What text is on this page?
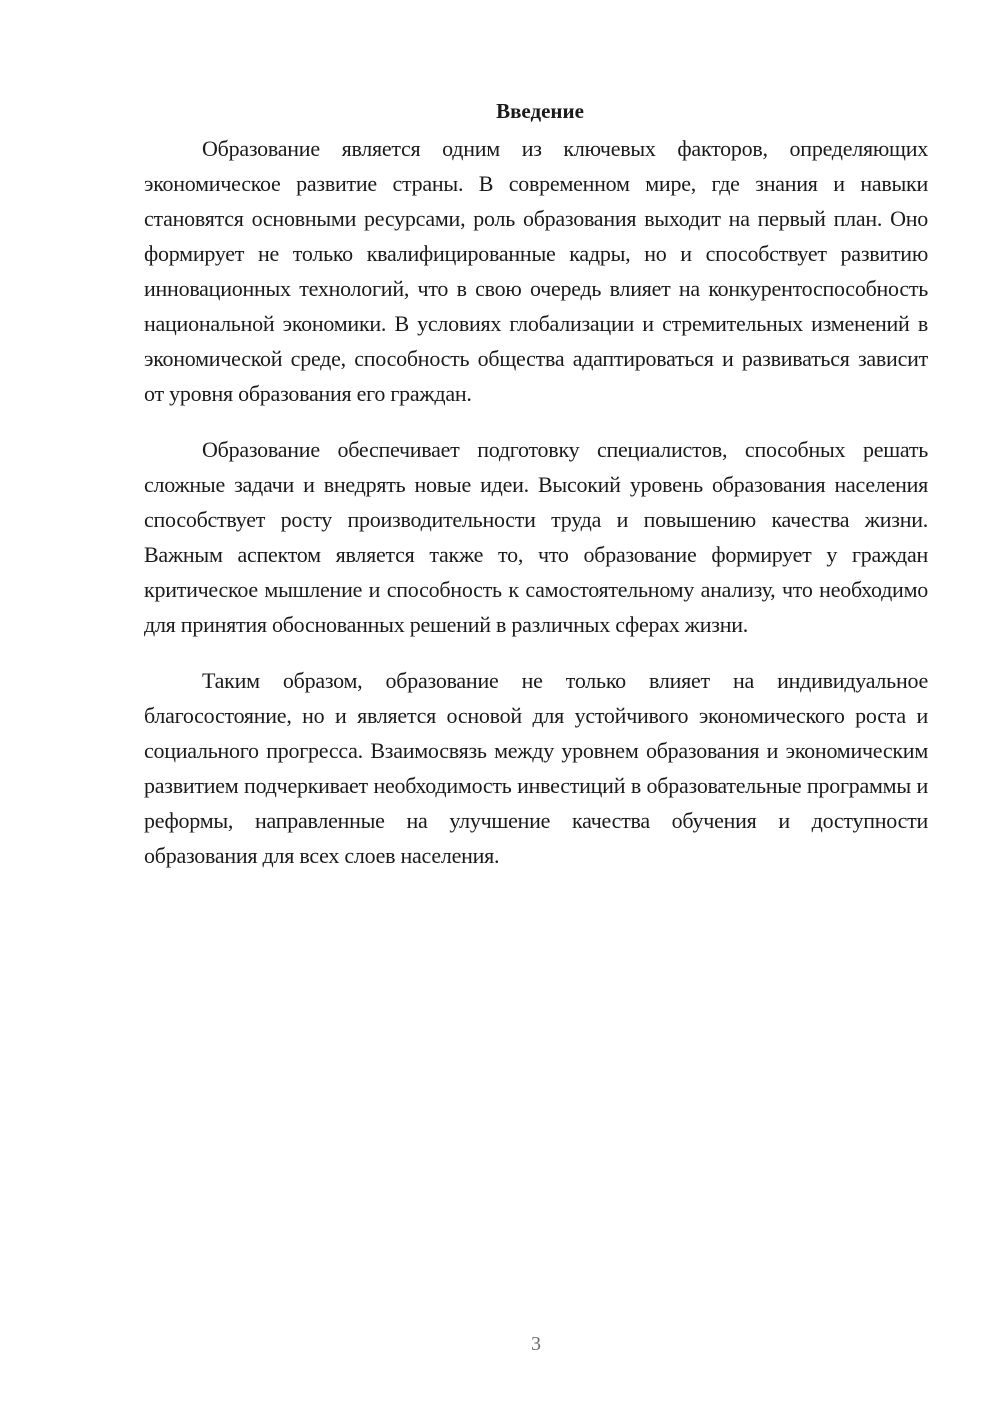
Введение

Образование является одним из ключевых факторов, определяющих экономическое развитие страны. В современном мире, где знания и навыки становятся основными ресурсами, роль образования выходит на первый план. Оно формирует не только квалифицированные кадры, но и способствует развитию инновационных технологий, что в свою очередь влияет на конкурентоспособность национальной экономики. В условиях глобализации и стремительных изменений в экономической среде, способность общества адаптироваться и развиваться зависит от уровня образования его граждан.

Образование обеспечивает подготовку специалистов, способных решать сложные задачи и внедрять новые идеи. Высокий уровень образования населения способствует росту производительности труда и повышению качества жизни. Важным аспектом является также то, что образование формирует у граждан критическое мышление и способность к самостоятельному анализу, что необходимо для принятия обоснованных решений в различных сферах жизни.

Таким образом, образование не только влияет на индивидуальное благосостояние, но и является основой для устойчивого экономического роста и социального прогресса. Взаимосвязь между уровнем образования и экономическим развитием подчеркивает необходимость инвестиций в образовательные программы и реформы, направленные на улучшение качества обучения и доступности образования для всех слоев населения.

3
